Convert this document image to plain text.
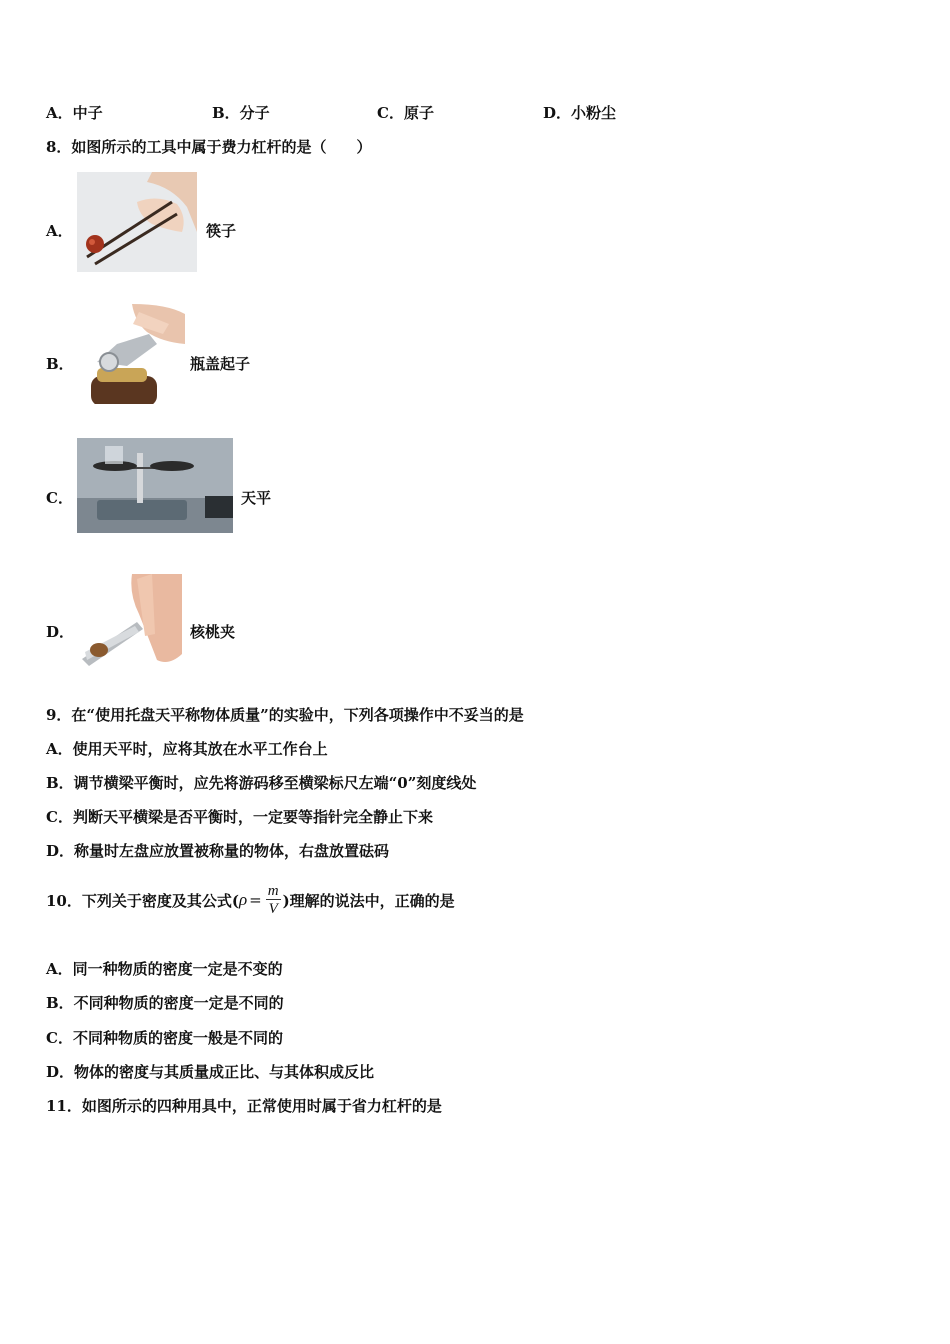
A．中子	B．分子	C．原子	D．小粉尘
8．如图所示的工具中属于费力杠杆的是（　　）
A．	筷子
B．	瓶盖起子
C．	天平
D．	核桃夹
9．在“使用托盘天平称物体质量”的实验中，下列各项操作中不妥当的是
A．使用天平时，应将其放在水平工作台上
B．调节横梁平衡时，应先将游码移至横梁标尺左端“0”刻度线处
C．判断天平横梁是否平衡时，一定要等指针完全静止下来
D．称量时左盘应放置被称量的物体，右盘放置砝码
10．下列关于密度及其公式( $\rho = \frac{m}{V}$ )理解的说法中，正确的是
A．同一种物质的密度一定是不变的
B．不同种物质的密度一定是不同的
C．不同种物质的密度一般是不同的
D．物体的密度与其质量成正比、与其体积成反比
11．如图所示的四种用具中，正常使用时属于省力杠杆的是
